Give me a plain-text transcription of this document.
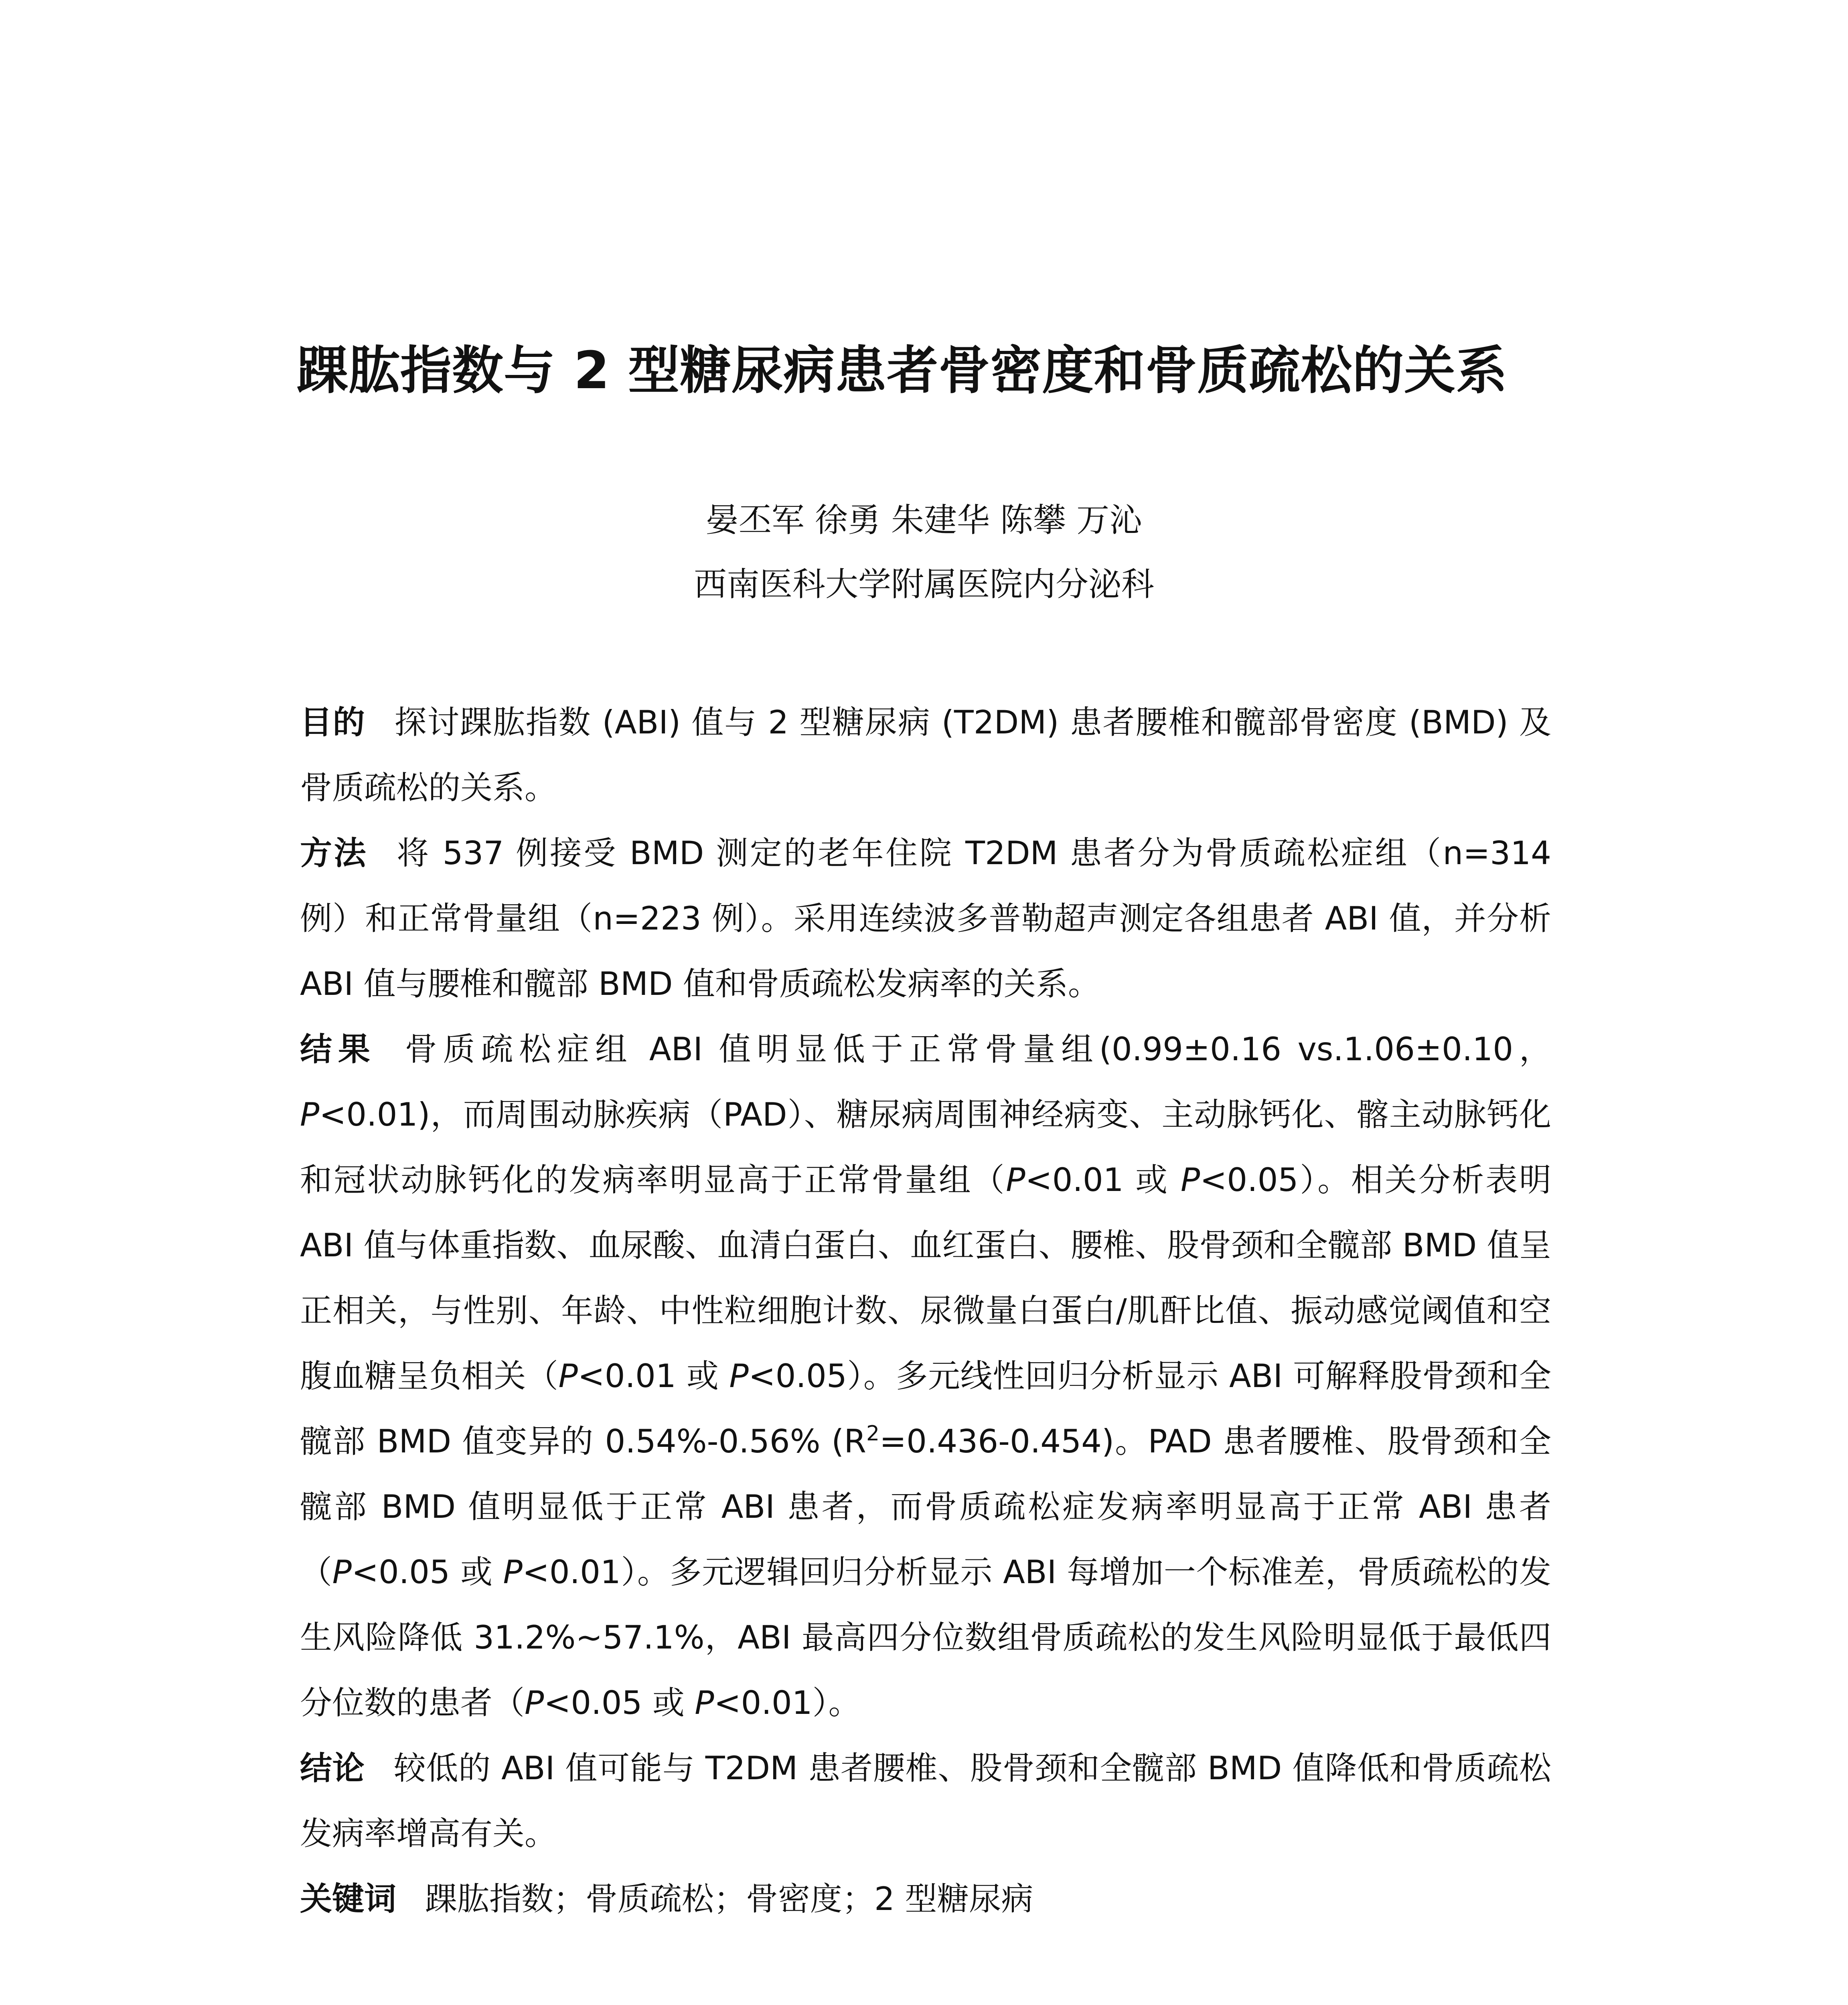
踝肱指数与 2 型糖尿病患者骨密度和骨质疏松的关系

晏丕军 徐勇 朱建华 陈攀 万沁

西南医科大学附属医院内分泌科

目的 探讨踝肱指数 (ABI) 值与 2 型糖尿病 (T2DM) 患者腰椎和髋部骨密度 (BMD) 及骨质疏松的关系。

方法 将 537 例接受 BMD 测定的老年住院 T2DM 患者分为骨质疏松症组（n=314 例）和正常骨量组（n=223 例）。采用连续波多普勒超声测定各组患者 ABI 值，并分析 ABI 值与腰椎和髋部 BMD 值和骨质疏松发病率的关系。

结果 骨质疏松症组 ABI 值明显低于正常骨量组(0.99±0.16 vs.1.06±0.10，P<0.01)，而周围动脉疾病（PAD）、糖尿病周围神经病变、主动脉钙化、髂主动脉钙化和冠状动脉钙化的发病率明显高于正常骨量组（P<0.01 或 P<0.05）。相关分析表明 ABI 值与体重指数、血尿酸、血清白蛋白、血红蛋白、腰椎、股骨颈和全髋部 BMD 值呈正相关，与性别、年龄、中性粒细胞计数、尿微量白蛋白/肌酐比值、振动感觉阈值和空腹血糖呈负相关（P<0.01 或 P<0.05）。多元线性回归分析显示 ABI 可解释股骨颈和全髋部 BMD 值变异的 0.54%-0.56% $(R^2=0.436-0.454)$。PAD 患者腰椎、股骨颈和全髋部 BMD 值明显低于正常 ABI 患者，而骨质疏松症发病率明显高于正常 ABI 患者（P<0.05 或 P<0.01）。多元逻辑回归分析显示 ABI 每增加一个标准差，骨质疏松的发生风险降低 31.2%~57.1%，ABI 最高四分位数组骨质疏松的发生风险明显低于最低四分位数的患者（P<0.05 或 P<0.01）。

结论 较低的 ABI 值可能与 T2DM 患者腰椎、股骨颈和全髋部 BMD 值降低和骨质疏松发病率增高有关。

关键词 踝肱指数；骨质疏松；骨密度；2 型糖尿病
